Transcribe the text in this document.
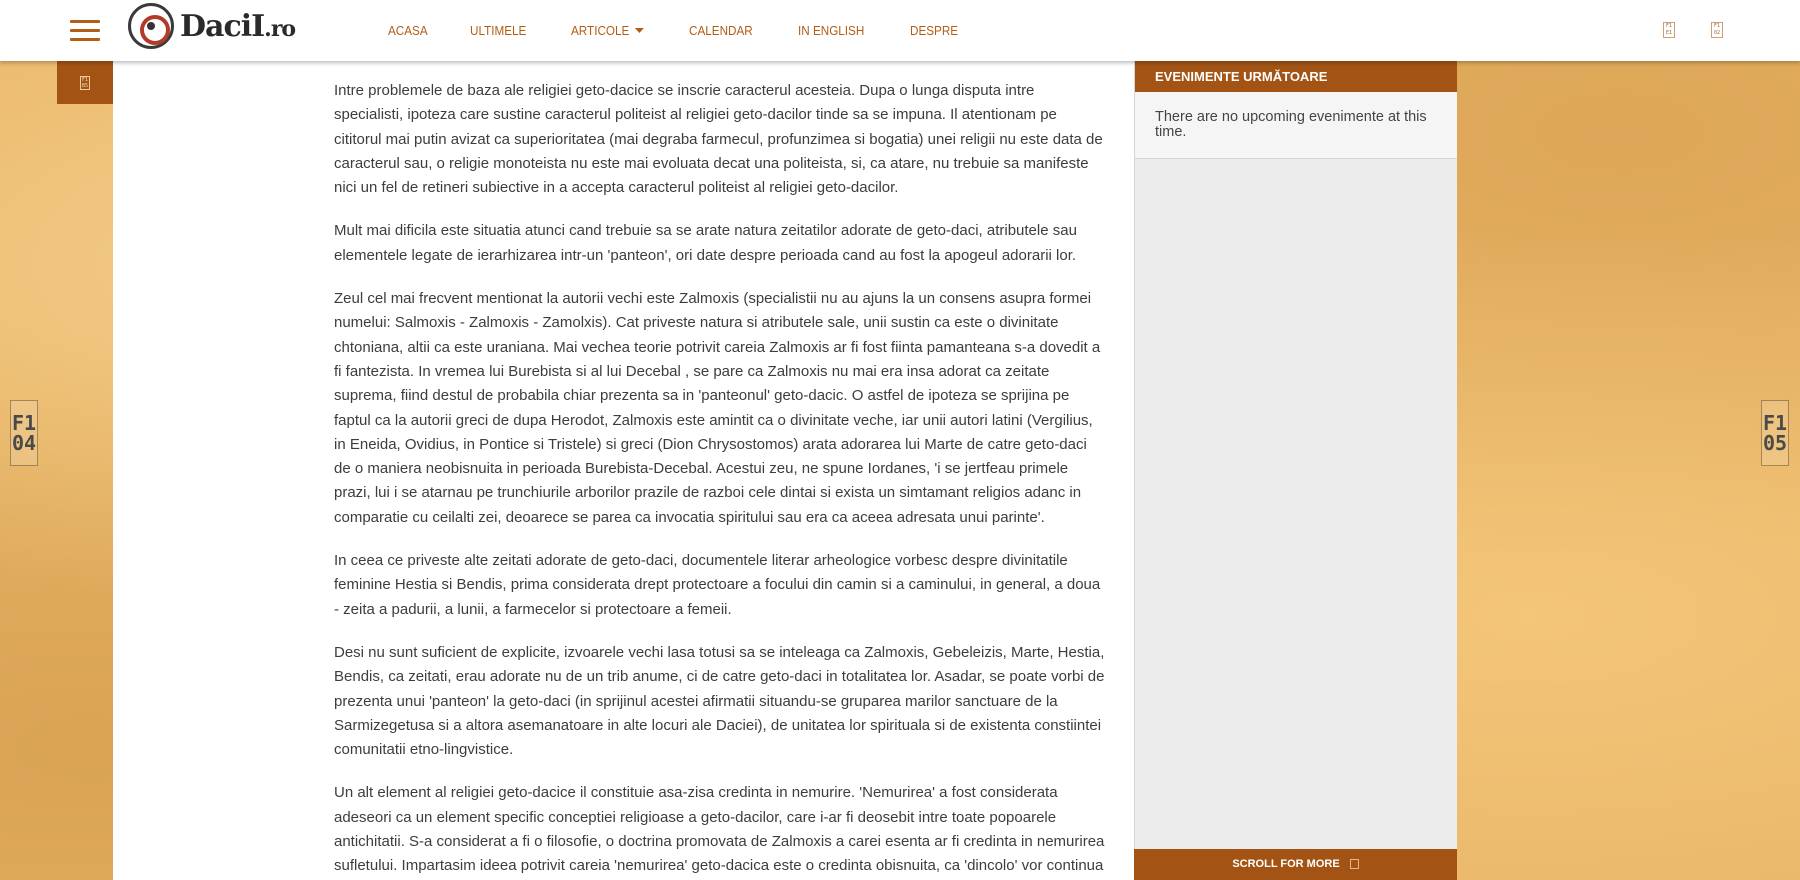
DaciI.ro	ACASA	ULTIMELE	ARTICOLE	CALENDAR	IN ENGLISH	DESPRE	F1 E1
F1 02
F1 B5	Intre problemele de baza ale religiei geto-dacice se inscrie caracterul acesteia. Dupa o lunga disputa intre specialisti, ipoteza care sustine caracterul politeist al religiei geto-dacilor tinde sa se impuna. Il atentionam pe cititorul mai putin avizat ca superioritatea (mai degraba farmecul, profunzimea si bogatia) unei religii nu este data de caracterul sau, o religie monoteista nu este mai evoluata decat una politeista, si, ca atare, nu trebuie sa manifeste nici un fel de retineri subiective in a accepta caracterul politeist al religiei geto-dacilor.

Mult mai dificila este situatia atunci cand trebuie sa se arate natura zeitatilor adorate de geto-daci, atributele sau elementele legate de ierarhizarea intr-un 'panteon', ori date despre perioada cand au fost la apogeul adorarii lor.

Zeul cel mai frecvent mentionat la autorii vechi este Zalmoxis (specialistii nu au ajuns la un consens asupra formei numelui: Salmoxis - Zalmoxis - Zamolxis). Cat priveste natura si atributele sale, unii sustin ca este o divinitate chtoniana, altii ca este uraniana. Mai vechea teorie potrivit careia Zalmoxis ar fi fost fiinta pamanteana s-a dovedit a fi fantezista. In vremea lui Burebista si al lui Decebal , se pare ca Zalmoxis nu mai era insa adorat ca zeitate suprema, fiind destul de probabila chiar prezenta sa in 'panteonul' geto-dacic. O astfel de ipoteza se sprijina pe faptul ca la autorii greci de dupa Herodot, Zalmoxis este amintit ca o divinitate veche, iar unii autori latini (Vergilius, in Eneida, Ovidius, in Pontice si Tristele) si greci (Dion Chrysostomos) arata adorarea lui Marte de catre geto-daci de o maniera neobisnuita in perioada Burebista-Decebal. Acestui zeu, ne spune Iordanes, 'i se jertfeau primele prazi, lui i se atarnau pe trunchiurile arborilor prazile de razboi cele dintai si exista un simtamant religios adanc in comparatie cu ceilalti zei, deoarece se parea ca invocatia spiritului sau era ca aceea adresata unui parinte'.

In ceea ce priveste alte zeitati adorate de geto-daci, documentele literar arheologice vorbesc despre divinitatile feminine Hestia si Bendis, prima considerata drept protectoare a focului din camin si a caminului, in general, a doua - zeita a padurii, a lunii, a farmecelor si protectoare a femeii.

Desi nu sunt suficient de explicite, izvoarele vechi lasa totusi sa se inteleaga ca Zalmoxis, Gebeleizis, Marte, Hestia, Bendis, ca zeitati, erau adorate nu de un trib anume, ci de catre geto-daci in totalitatea lor. Asadar, se poate vorbi de prezenta unui 'panteon' la geto-daci (in sprijinul acestei afirmatii situandu-se gruparea marilor sanctuare de la Sarmizegetusa si a altora asemanatoare in alte locuri ale Daciei), de unitatea lor spirituala si de existenta constiintei comunitatii etno-lingvistice.

Un alt element al religiei geto-dacice il constituie asa-zisa credinta in nemurire. 'Nemurirea' a fost considerata adeseori ca un element specific conceptiei religioase a geto-dacilor, care i-ar fi deosebit intre toate popoarele antichitatii. S-a considerat a fi o filosofie, o doctrina promovata de Zalmoxis a carei esenta ar fi credinta in nemurirea sufletului. Impartasim ideea potrivit careia 'nemurirea' geto-dacica este o credinta obisnuita, ca 'dincolo' vor continua

EVENIMENTE URMĂTOARE
There are no upcoming evenimente at this time.
SCROLL FOR MORE
F1 04
F1 05
